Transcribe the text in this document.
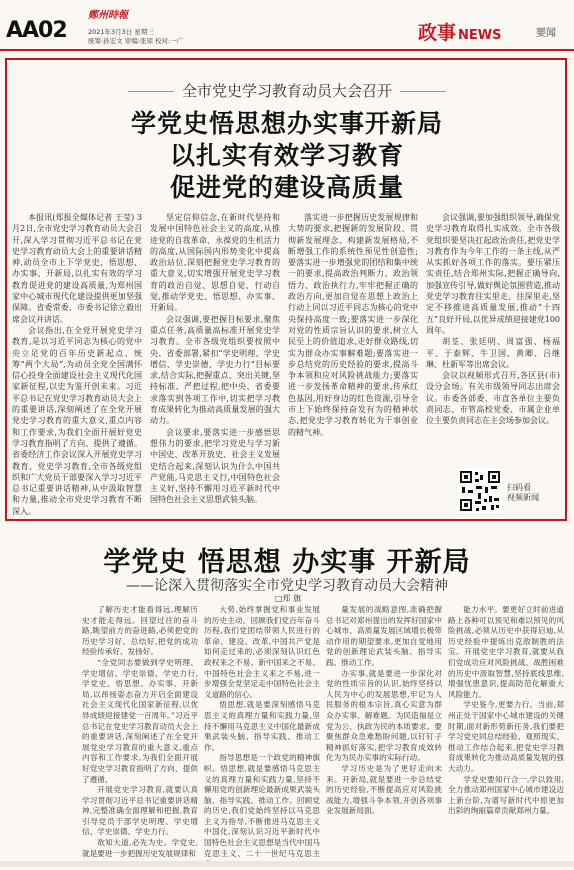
AA02
鄭州時報
2021年3月3日 星期三
统筹:孙宏文 审编:张琼 校对:一广	政事 NEWS	要闻
全市党史学习教育动员大会召开
学党史悟思想办实事开新局
以扎实有效学习教育
促进党的建设高质量

本报讯(郑报全媒体记者 王莹) 3月2日,全市党史学习教育动员大会召开,深入学习贯彻习近平总书记在党史学习教育动员大会上的重要讲话精神,动员全市上下学党史、悟思想、办实事、开新局,以扎实有效的学习教育促进党的建设高质量,为郑州国家中心城市现代化建设提供更加坚强保障。省委常委、市委书记徐立毅出席会议并讲话。

会议指出,在全党开展党史学习教育,是以习近平同志为核心的党中央立足党的百年历史新起点、统筹“两个大局”,为动员全党全国满怀信心投身全面建设社会主义现代化国家新征程,以史为鉴开创未来。习近平总书记在党史学习教育动员大会上的重要讲话,深刻阐述了在全党开展党史学习教育的重大意义,重点内容和工作要求,为我们全面开展好党史学习教育指明了方向、提供了遵循。省委经济工作会议深入开展党史学习教育、党史学习教育,全市各级党组织和广大党员干部要深入学习习近平总书记重要讲话精神,从中汲取智慧和力量,推动全市党史学习教育不断深入。

坚定信仰信念,在新时代坚持和发展中国特色社会主义的高度,从推进党的自我革命、永葆党的生机活力的高度,从国际国内形势变化中提高政治站位,深刻把握党史学习教育的重大意义,切实增强开展党史学习教育的政治自觉、思想自觉、行动自觉,推动学党史、悟思想、办实事、开新局。

会议强调,要把握目标要求,聚焦重点任务,高质量高标准开展党史学习教育。全市各级党组织要按照中央、省委部署,紧扣“学史明理、学史增信、学史崇德、学史力行”目标要求,结合实际,把握重点、突出关键,坚持标准、严把过程,把中央、省委要求落实到各项工作中,切实把学习教育成果转化为推动高质量发展的强大动力。

会议要求,要落实进一步感悟思想伟力的要求,把学习党史与学习新中国史、改革开放史、社会主义发展史结合起来,深刻认识为什么中国共产党能,马克思主义行,中国特色社会主义好,坚持不懈用习近平新时代中国特色社会主义思想武装头脑。

落实进一步把握历史发展规律和大势的要求,把握新的发展阶段、贯彻新发展理念、构建新发展格局,不断增强工作的系统性预见性创造性;要落实进一步增强党的团结和集中统一的要求,提高政治判断力、政治领悟力、政治执行力,牢牢把握正确的政治方向,更加自觉在思想上政治上行动上同以习近平同志为核心的党中央保持高度一致;要落实进一步深化对党的性质宗旨认识的要求,树立人民至上的价值追求,走好群众路线,切实为群众办实事解难题;要落实进一步总结党的历史经验的要求,提高斗争本领和应对风险挑战能力;要落实进一步发扬革命精神的要求,传承红色基因,用好身边的红色资源,引导全市上下始终保持奋发有为的精神状态,把党史学习教育转化为干事创业的精气神。

会议强调,要加强组织领导,确保党史学习教育取得扎实成效。全市各级党组织要坚决扛起政治责任,把党史学习教育作为今年工作的一条主线,从严从实抓好各项工作的落实。要压紧压实责任,结合郑州实际,把握正确导向,加强宣传引导,做好舆论氛围营造,推动党史学习教育往实里走、往深里走,坚定不移推进高质量发展,推动“十四五”良好开局,以优异成绩迎接建党100周年。

胡荃、张廷明、周富强、杨福平、于泰辉、牛卫国、黄卿、吕继琳、杜新军等出席会议。

会议以视频形式召开,各区县(市)设分会场。有关市级领导同志出席会议。市委各部委、市直各单位主要负责同志、市管高校党委、市属企业单位主要负责同志在主会场参加会议。

扫码看
视频新闻
学党史 悟思想 办实事 开新局
——论深入贯彻落实全市党史学习教育动员大会精神
□郑 旗

了解历史才能看得远,理解历史才能走得远。回望过往的奋斗路,眺望前方的奋进路,必须把党的历史学习好、总结好,把党的成功经验传承好、发扬好。

“全党同志要做到学史明理、学史增信、学史崇德、学史力行,学党史、悟思想、办实事、开新局,以昂扬姿态奋力开启全面建设社会主义现代化国家新征程,以优异成绩迎接建党一百周年。”习近平总书记在党史学习教育动员大会上的重要讲话,深刻阐述了在全党开展党史学习教育的重大意义,重点内容和工作要求,为我们全面开展好党史学习教育指明了方向、提供了遵循。

开展党史学习教育,就要认真学习贯彻习近平总书记重要讲话精神,完整准确全面理解和把握,教育引导党员干部学史明理、学史增信、学史崇德、学史力行。

欲知大道,必先为史。学党史,就是要进一步把握历史发展规律和

大势,始终掌握党和事业发展的历史主动。回顾我们党百年奋斗历程,我们党团结带领人民进行的革命、建设、改革,中国共产党是如何走过来的,必须深刻认识红色政权来之不易、新中国来之不易、中国特色社会主义来之不易,进一步增强全党坚定走中国特色社会主义道路的信心。

悟思想,就是要深刻感悟马克思主义的真理力量和实践力量,坚持不懈用马克思主义中国化最新成果武装头脑、指导实践、推动工作。

指导思想是一个政党的精神旗帜。悟思想,就是要感悟马克思主义的真理力量和实践力量,坚持不懈用党的创新理论最新成果武装头脑、指导实践、推动工作。回顾党的历史,我们党始终坚持以马克思主义为指导,不断推进马克思主义中国化,深刻认识习近平新时代中国特色社会主义思想是当代中国马克思主义、二十一世纪马克思主

量发展的战略意图,准确把握总书记对郑州提出的发挥好国家中心城市、高质量发展区域增长极带动作用的期望要求,更加自觉地用党的创新理论武装头脑、指导实践、推动工作。

办实事,就是要进一步深化对党的性质宗旨的认识,始终坚持以人民为中心的发展思想,牢记为人民服务的根本宗旨,真心实意为群众办实事、解难题。为民造福是立党为公、执政为民的本质要求。要聚焦群众急难愁盼问题,以钉钉子精神抓好落实,把学习教育成效转化为为民办实事的实际行动。

学习历史是为了更好走向未来。开新局,就是要进一步总结党的历史经验,不断提高应对风险挑战能力,增强斗争本领,开创各项事业发展新局面。

能力水平。要更好立时前进道路上各种可以预见和难以预见的风险挑战,必须从历史中获得启迪,从历史经验中提炼出克敌制胜的法宝。开展党史学习教育,就要从我们党成功应对风险挑战、战胜困难的历史中汲取智慧,坚持底线思维,增强忧患意识,提高防范化解重大风险能力。

学史鉴今,更要力行。当前,郑州正处于国家中心城市建设的关键时期,面对新形势新任务,我们要把学习党史同总结经验、观照现实、推动工作结合起来,把党史学习教育成果转化为推动高质量发展的强大动力。

学党史要知行合一,学以致用,全力推动郑州国家中心城市建设迈上新台阶,为谱写新时代中原更加出彩的绚丽篇章贡献郑州力量。
